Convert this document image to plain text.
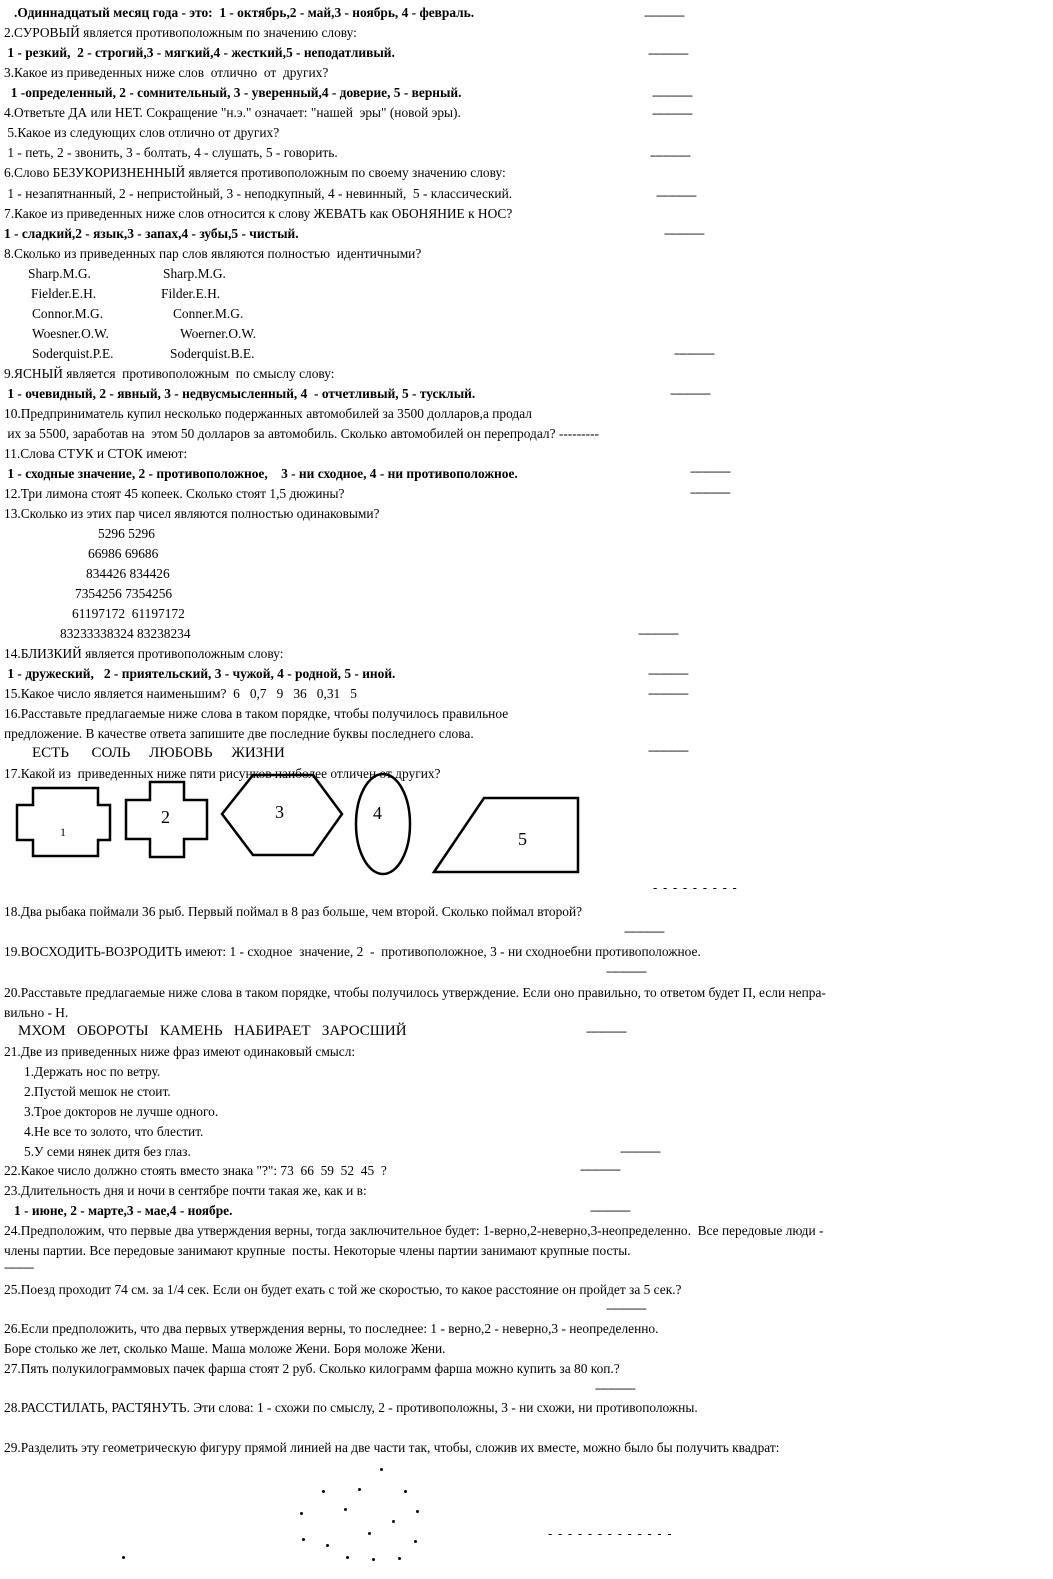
.Одиннадцатый месяц года - это:  1 - октябрь,2 - май,3 - ноябрь, 4 - февраль.
2.СУРОВЫЙ является противоположным по значению слову:
1 - резкий,  2 - строгий,3 - мягкий,4 - жесткий,5 - неподатливый.
3.Какое из приведенных ниже слов  отлично  от  других?
1 -определенный, 2 - сомнительный, 3 - уверенный,4 - доверие, 5 - верный.
4.Ответьте ДА или НЕТ. Сокращение "н.э." означает: "нашей  эры" (новой эры).
5.Какое из следующих слов отлично от других?
1 - петь, 2 - звонить, 3 - болтать, 4 - слушать, 5 - говорить.
6.Слово БЕЗУКОРИЗНЕННЫЙ является противоположным по своему значению слову:
1 - незапятнанный, 2 - непристойный, 3 - неподкупный, 4 - невинный,  5 - классический.
7.Какое из приведенных ниже слов относится к слову ЖЕВАТЬ как ОБОНЯНИЕ к НОС?
1 - сладкий,2 - язык,3 - запах,4 - зубы,5 - чистый.
8.Сколько из приведенных пар слов являются полностью  идентичными?
Sharp.M.G.	Sharp.M.G.
Fielder.E.H.	Filder.E.H.
Connor.M.G.	Conner.M.G.
Woesner.O.W.	Woerner.O.W.
Soderquist.P.E.	Soderquist.B.E.
9.ЯСНЫЙ является  противоположным  по смыслу слову:
1 - очевидный, 2 - явный, 3 - недвусмысленный, 4  - отчетливый, 5 - тусклый.
10.Предприниматель купил несколько подержанных автомобилей за 3500 долларов,а продал
их за 5500, заработав на  этом 50 долларов за автомобиль. Сколько автомобилей он перепродал? ---------
11.Слова СТУК и СТОК имеют:
1 - сходные значение, 2 - противоположное,    3 - ни сходное, 4 - ни противоположное.
12.Три лимона стоят 45 копеек. Сколько стоят 1,5 дюжины?
13.Сколько из этих пар чисел являются полностью одинаковыми?
5296 5296
66986 69686
834426 834426
7354256 7354256
61197172  61197172
83233338324 83238234
14.БЛИЗКИЙ является противоположным слову:
1 - дружеский,   2 - приятельский, 3 - чужой, 4 - родной, 5 - иной.
15.Какое число является наименьшим?  6   0,7   9   36   0,31   5
16.Расставьте предлагаемые ниже слова в таком порядке, чтобы получилось правильное
предложение. В качестве ответа запишите две последние буквы последнего слова.
ЕСТЬ      СОЛЬ     ЛЮБОВЬ     ЖИЗНИ
17.Какой из  приведенных ниже пяти рисунков наиболее отличен от других?
1
2	3	4
5
18.Два рыбака поймали 36 рыб. Первый поймал в 8 раз больше, чем второй. Сколько поймал второй?
19.ВОСХОДИТЬ-ВОЗРОДИТЬ имеют: 1 - сходное  значение, 2  -  противоположное, 3 - ни сходноебни противоположное.
20.Расставьте предлагаемые ниже слова в таком порядке, чтобы получилось утверждение. Если оно правильно, то ответом будет П, если непра-
вильно - Н.
МХОМ   ОБОРОТЫ   КАМЕНЬ   НАБИРАЕТ   ЗАРОСШИЙ
21.Две из приведенных ниже фраз имеют одинаковый смысл:
1.Держать нос по ветру.
2.Пустой мешок не стоит.
3.Трое докторов не лучше одного.
4.Не все то золото, что блестит.
5.У семи нянек дитя без глаз.
22.Какое число должно стоять вместо знака "?": 73  66  59  52  45  ?
23.Длительность дня и ночи в сентябре почти такая же, как и в:
1 - июне, 2 - марте,3 - мае,4 - ноябре.
24.Предположим, что первые два утверждения верны, тогда заключительное будет: 1-верно,2-неверно,3-неопределенно.  Все передовые люди -
члены партии. Все передовые занимают крупные  посты. Некоторые члены партии занимают крупные посты.
-----------
25.Поезд проходит 74 см. за 1/4 сек. Если он будет ехать с той же скоростью, то какое расстояние он пройдет за 5 сек.?
26.Если предположить, что два первых утверждения верны, то последнее: 1 - верно,2 - неверно,3 - неопределенно.
Боре столько же лет, сколько Маше. Маша моложе Жени. Боря моложе Жени.
27.Пять полукилограммовых пачек фарша стоят 2 руб. Сколько килограмм фарша можно купить за 80 коп.?
28.РАССТИЛАТЬ, РАСТЯНУТЬ. Эти слова: 1 - схожи по смыслу, 2 - противоположны, 3 - ни схожи, ни противоположны.
29.Разделить эту геометрическую фигуру прямой линией на две части так, чтобы, сложив их вместе, можно было бы получить квадрат:
---------------
---------------
---------------
---------------
---------------
---------------
---------------
---------------
---------------
---------------
---------------
---------------
---------------
---------------
---------------
- - - - - - - - -
---------------
---------------
---------------
---------------
---------------
---------------
---------------
---------------
- - - - - - - - - - - - -
